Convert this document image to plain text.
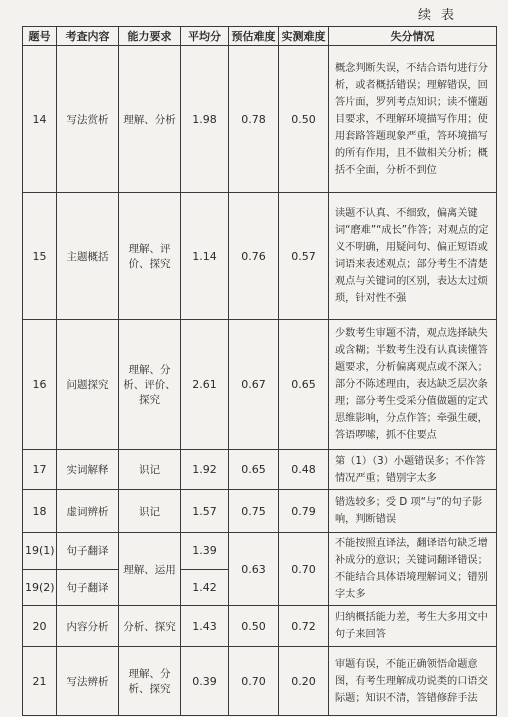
续表
题号	考查内容	能力要求	平均分	预估难度	实测难度	失分情况
14	写法赏析	理解、分析	1.98	0.78	0.50	概念判断失误，不结合语句进行分析，或者概括错误；理解错误，回答片面，罗列考点知识；读不懂题目要求，不理解环境描写作用；使用套路答题现象严重，答环境描写的所有作用，且不做相关分析；概括不全面，分析不到位
15	主题概括	理解、评价、探究	1.14	0.76	0.57	读题不认真、不细致，偏离关键词“磨难”“成长”作答；对观点的定义不明确，用疑问句、偏正短语或词语来表述观点；部分考生不清楚观点与关键词的区别，表达太过烦琐，针对性不强
16	问题探究	理解、分析、评价、探究	2.61	0.67	0.65	少数考生审题不清，观点选择缺失或含糊；半数考生没有认真读懂答题要求，分析偏离观点或不深入；部分不陈述理由，表达缺乏层次条理；部分考生受采分值做题的定式思维影响，分点作答；牵强生硬，答语啰嗦，抓不住要点
17	实词解释	识记	1.92	0.65	0.48	第（1）（3）小题错误多；不作答情况严重；错别字太多
18	虚词辨析	识记	1.57	0.75	0.79	错选较多；受 D 项“与”的句子影响，判断错误
19(1)	句子翻译	理解、运用	1.39	0.63	0.70	不能按照直译法，翻译语句缺乏增补成分的意识；关键词翻译错误；不能结合具体语境理解词义；错别字太多
19(2)	句子翻译		1.42			
20	内容分析	分析、探究	1.43	0.50	0.72	归纳概括能力差，考生大多用文中句子来回答
21	写法辨析	理解、分析、探究	0.39	0.70	0.20	审题有误，不能正确领悟命题意图，有考生理解成功说类的口语交际题；知识不清，答错修辞手法
